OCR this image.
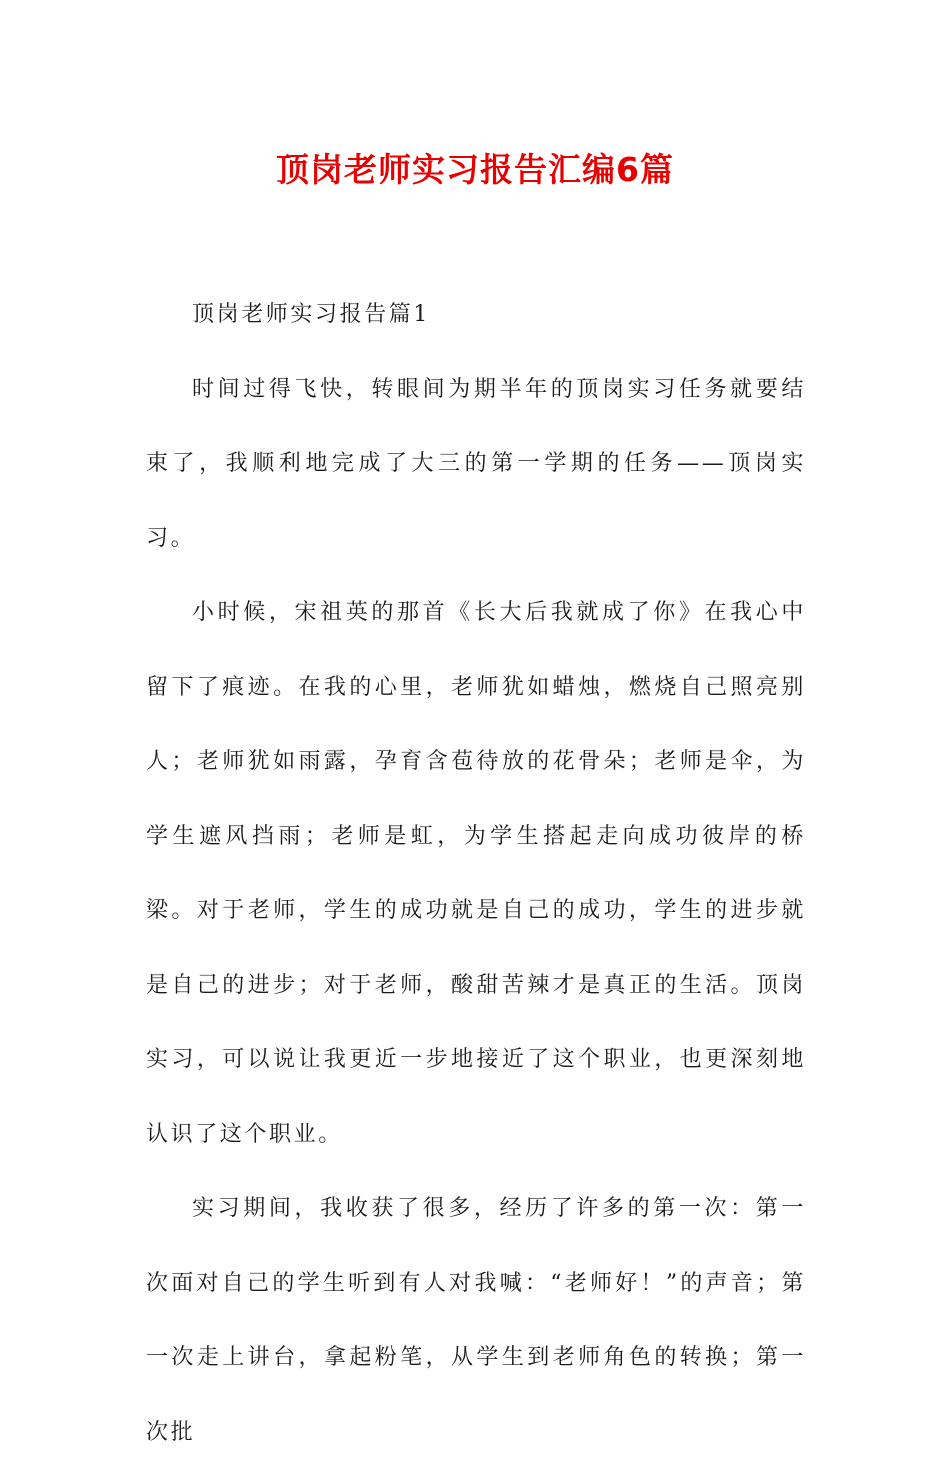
顶岗老师实习报告汇编6篇

顶岗老师实习报告篇1

时间过得飞快，转眼间为期半年的顶岗实习任务就要结束了，我顺利地完成了大三的第一学期的任务——顶岗实习。

小时候，宋祖英的那首《长大后我就成了你》在我心中留下了痕迹。在我的心里，老师犹如蜡烛，燃烧自己照亮别人；老师犹如雨露，孕育含苞待放的花骨朵；老师是伞，为学生遮风挡雨；老师是虹，为学生搭起走向成功彼岸的桥梁。对于老师，学生的成功就是自己的成功，学生的进步就是自己的进步；对于老师，酸甜苦辣才是真正的生活。顶岗实习，可以说让我更近一步地接近了这个职业，也更深刻地认识了这个职业。

实习期间，我收获了很多，经历了许多的第一次：第一次面对自己的学生听到有人对我喊：“老师好！”的声音；第一次走上讲台，拿起粉笔，从学生到老师角色的转换；第一次批
